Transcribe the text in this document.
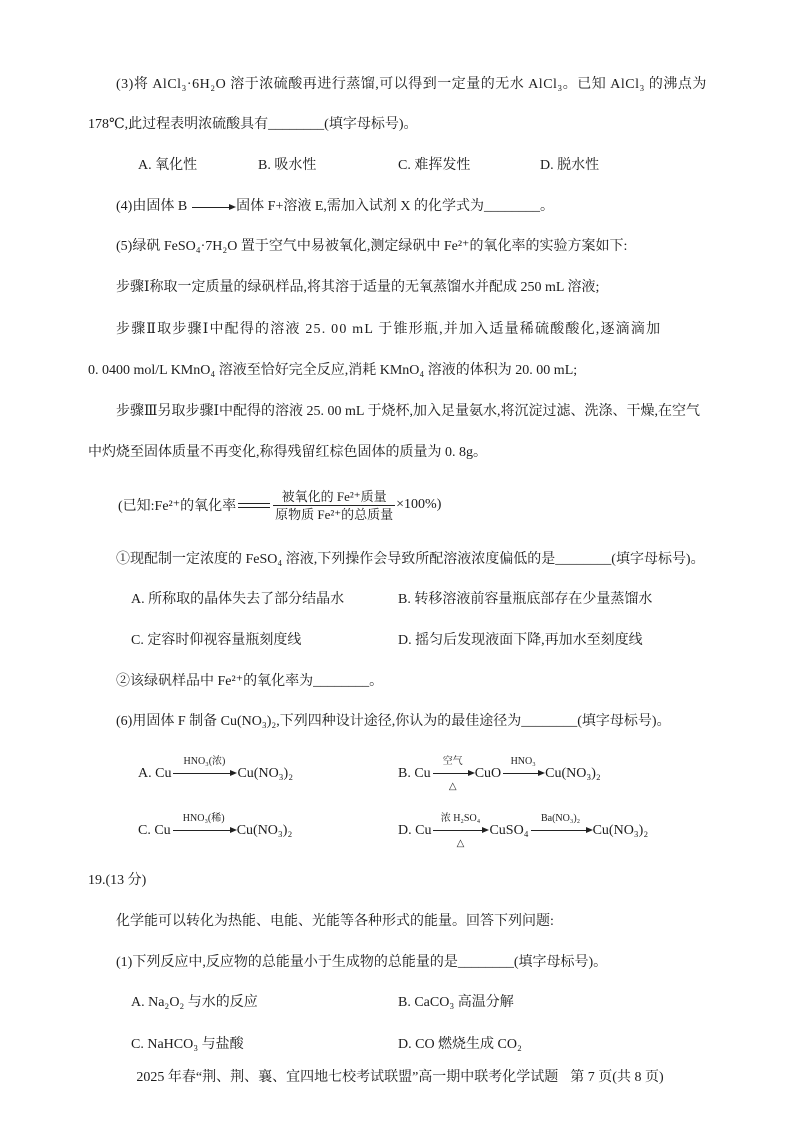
(3)将 AlCl₃·6H₂O 溶于浓硫酸再进行蒸馏,可以得到一定量的无水 AlCl₃。已知 AlCl₃ 的沸点为
178℃,此过程表明浓硫酸具有________(填字母标号)。
A. 氧化性	B. 吸水性	C. 难挥发性	D. 脱水性
(4)由固体 B	固体 F+溶液 E,需加入试剂 X 的化学式为________。
(5)绿矾 FeSO₄·7H₂O 置于空气中易被氧化,测定绿矾中 Fe²⁺的氧化率的实验方案如下:
步骤Ⅰ称取一定质量的绿矾样品,将其溶于适量的无氧蒸馏水并配成 250 mL 溶液;
步骤Ⅱ取步骤Ⅰ中配得的溶液 25. 00 mL 于锥形瓶,并加入适量稀硫酸酸化,逐滴滴加
0. 0400 mol/L KMnO₄ 溶液至恰好完全反应,消耗 KMnO₄ 溶液的体积为 20. 00 mL;
步骤Ⅲ另取步骤Ⅰ中配得的溶液 25. 00 mL 于烧杯,加入足量氨水,将沉淀过滤、洗涤、干燥,在空气
中灼烧至固体质量不再变化,称得残留红棕色固体的质量为 0. 8g。
(已知:Fe²⁺的氧化率	$\frac{\text{被氧化的 Fe²⁺质量}}{\text{原物质 Fe²⁺的总质量}} \times 100\%$)
①现配制一定浓度的 FeSO₄ 溶液,下列操作会导致所配溶液浓度偏低的是________(填字母标号)。
A. 所称取的晶体失去了部分结晶水	B. 转移溶液前容量瓶底部存在少量蒸馏水
C. 定容时仰视容量瓶刻度线	D. 摇匀后发现液面下降,再加水至刻度线
②该绿矾样品中 Fe²⁺的氧化率为________。
(6)用固体 F 制备 Cu(NO₃)₂,下列四种设计途径,你认为的最佳途径为________(填字母标号)。
A. Cu
HNO₃(浓)
Cu(NO₃)₂	B. Cu
空气
△
CuO
HNO₃
Cu(NO₃)₂
C. Cu
HNO₃(稀)
Cu(NO₃)₂	D. Cu
浓 H₂SO₄
△
CuSO₄
Ba(NO₃)₂
Cu(NO₃)₂
19.(13 分)
化学能可以转化为热能、电能、光能等各种形式的能量。回答下列问题:
(1)下列反应中,反应物的总能量小于生成物的总能量的是________(填字母标号)。
A. Na₂O₂ 与水的反应	B. CaCO₃ 高温分解
C. NaHCO₃ 与盐酸	D. CO 燃烧生成 CO₂
2025 年春“荆、荆、襄、宜四地七校考试联盟”高一期中联考化学试题 第 7 页(共 8 页)
